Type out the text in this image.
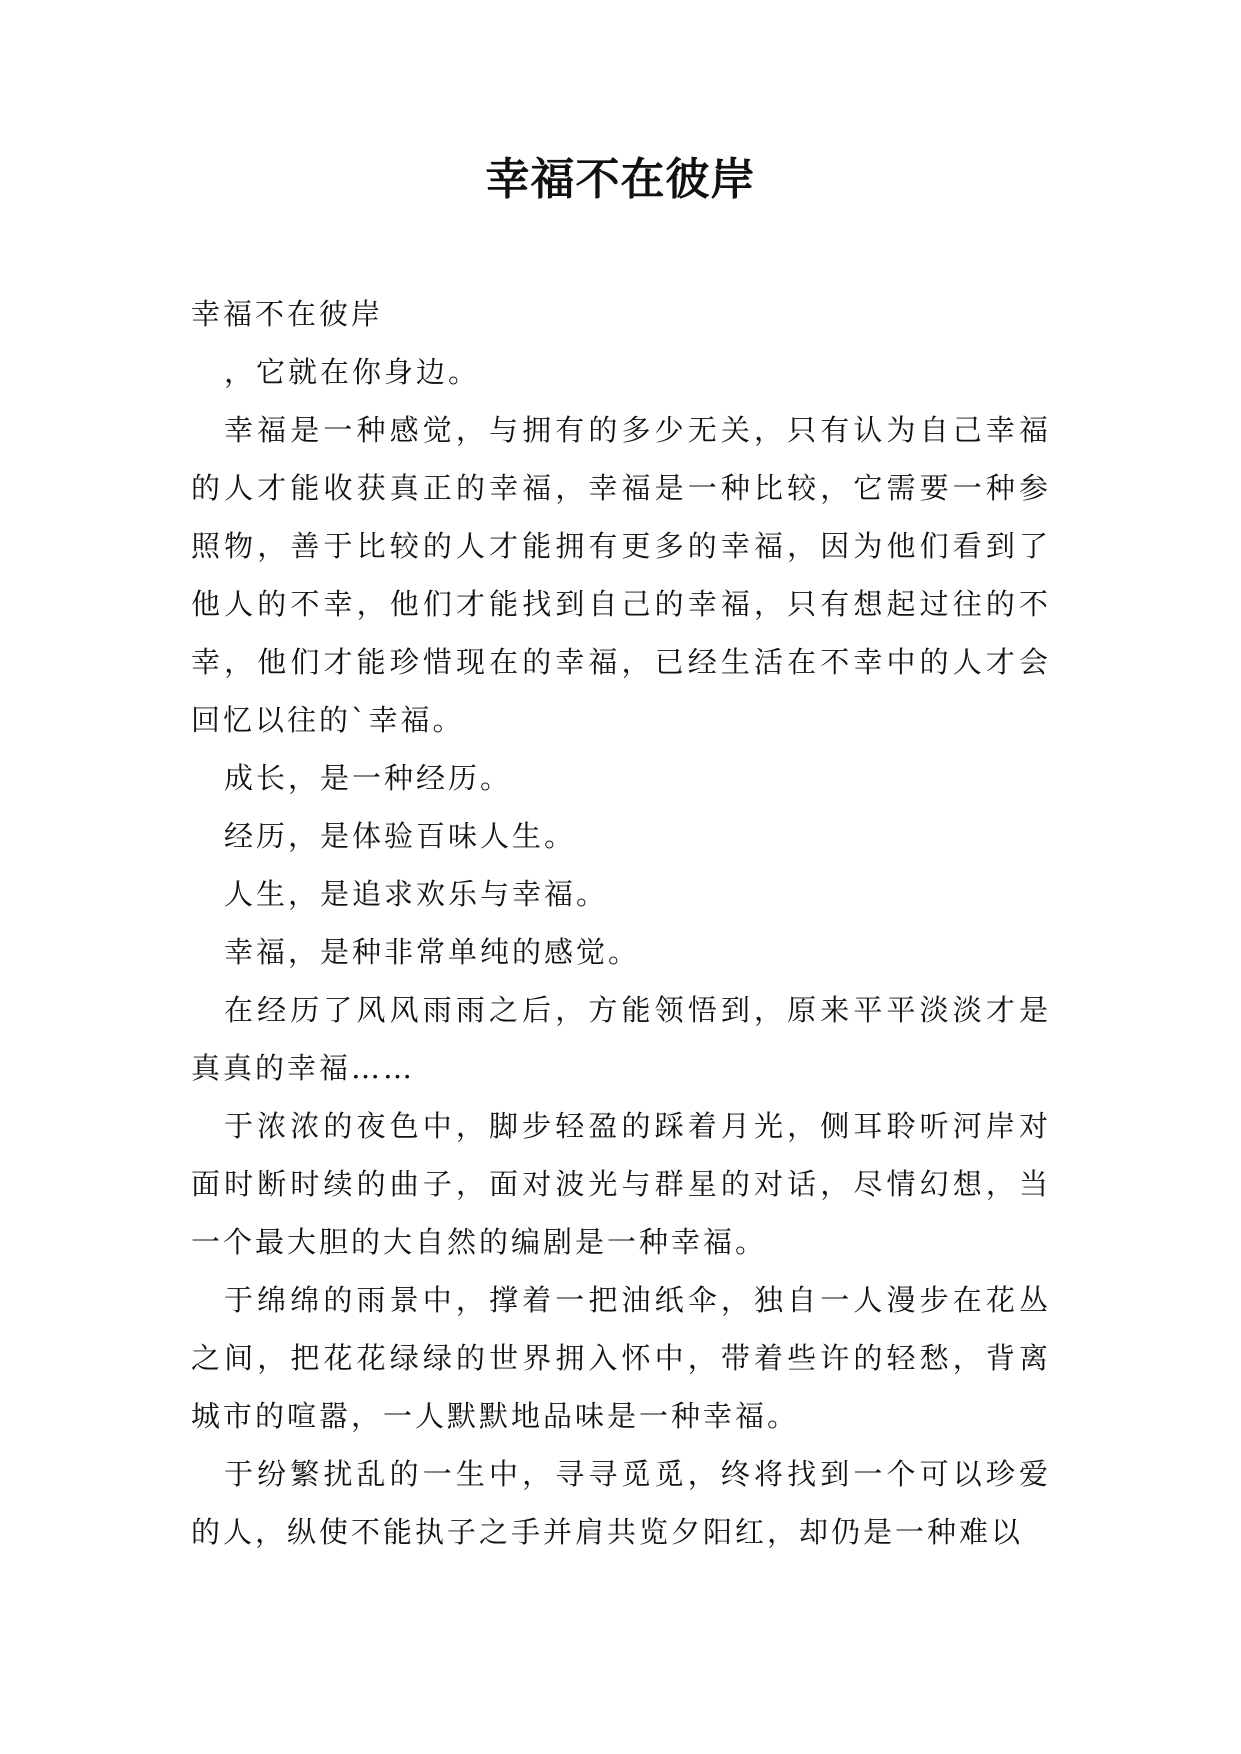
幸福不在彼岸

幸福不在彼岸

，它就在你身边。

幸福是一种感觉，与拥有的多少无关，只有认为自己幸福的人才能收获真正的幸福，幸福是一种比较，它需要一种参照物，善于比较的人才能拥有更多的幸福，因为他们看到了他人的不幸，他们才能找到自己的幸福，只有想起过往的不幸，他们才能珍惜现在的幸福，已经生活在不幸中的人才会回忆以往的`幸福。

成长，是一种经历。

经历，是体验百味人生。

人生，是追求欢乐与幸福。

幸福，是种非常单纯的感觉。

在经历了风风雨雨之后，方能领悟到，原来平平淡淡才是真真的幸福……

于浓浓的夜色中，脚步轻盈的踩着月光，侧耳聆听河岸对面时断时续的曲子，面对波光与群星的对话，尽情幻想，当一个最大胆的大自然的编剧是一种幸福。

于绵绵的雨景中，撑着一把油纸伞，独自一人漫步在花丛之间，把花花绿绿的世界拥入怀中，带着些许的轻愁，背离城市的喧嚣，一人默默地品味是一种幸福。

于纷繁扰乱的一生中，寻寻觅觅，终将找到一个可以珍爱的人，纵使不能执子之手并肩共览夕阳红，却仍是一种难以
